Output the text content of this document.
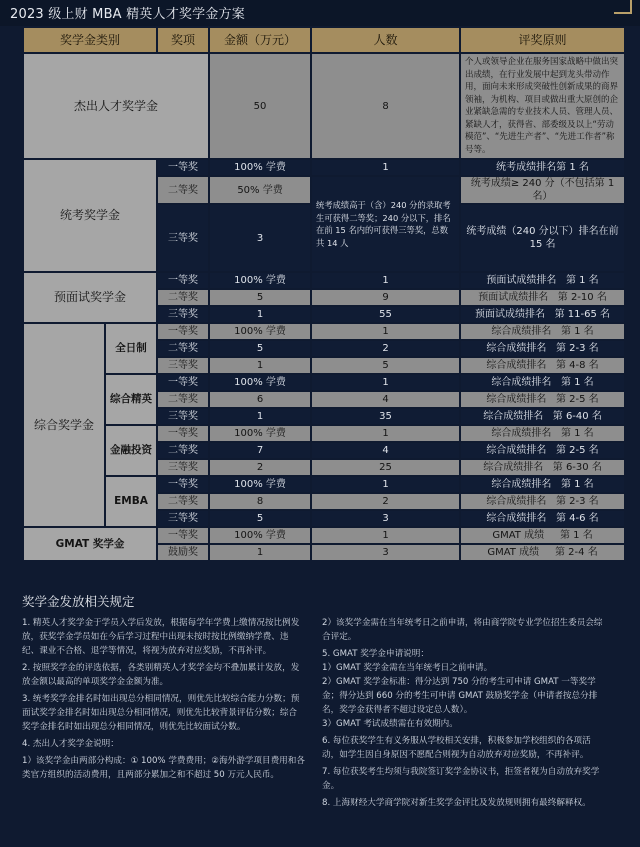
2023 级上财 MBA 精英人才奖学金方案
奖学金类别		奖项	金额（万元）	人数	评奖原则
杰出人才奖学金			50	8	个人或领导企业在服务国家战略中做出突出成绩，在行业发展中起到龙头带动作用，面向未来形成突破性创新成果的商界领袖，为机构、项目或做出重大原创的企业紧缺急需的专业技术人员、管理人员、紧缺人才，获得省、部委级及以上“劳动模范”、“先进生产者”、“先进工作者”称号等。
统考奖学金		一等奖	100% 学费	1	统考成绩排名第 1 名
		二等奖	50% 学费	统考成绩高于（含）240 分的录取考生可获得二等奖；240 分以下，排名在前 15 名内的可获得三等奖，总数共 14 人	统考成绩≥ 240 分（不包括第 1 名）
		三等奖	3		统考成绩（240 分以下）排名在前 15 名
预面试奖学金		一等奖	100% 学费	1	预面试成绩排名 第 1 名
		二等奖	5	9	预面试成绩排名 第 2-10 名
		三等奖	1	55	预面试成绩排名 第 11-65 名
综合奖学金	全日制	一等奖	100% 学费	1	综合成绩排名 第 1 名
		二等奖	5	2	综合成绩排名 第 2-3 名
		三等奖	1	5	综合成绩排名 第 4-8 名
	综合精英	一等奖	100% 学费	1	综合成绩排名 第 1 名
		二等奖	6	4	综合成绩排名 第 2-5 名
		三等奖	1	35	综合成绩排名 第 6-40 名
	金融投资	一等奖	100% 学费	1	综合成绩排名 第 1 名
		二等奖	7	4	综合成绩排名 第 2-5 名
		三等奖	2	25	综合成绩排名 第 6-30 名
	EMBA	一等奖	100% 学费	1	综合成绩排名 第 1 名
		二等奖	8	2	综合成绩排名 第 2-3 名
		三等奖	5	3	综合成绩排名 第 4-6 名
GMAT 奖学金		一等奖	100% 学费	1	GMAT 成绩 第 1 名
		鼓励奖	1	3	GMAT 成绩 第 2-4 名
奖学金发放相关规定

1. 精英人才奖学金于学员入学后发放，根据每学年学费上缴情况按比例发放，获奖学金学员如在今后学习过程中出现未按时按比例缴纳学费、违纪、课业不合格、退学等情况，将视为放弃对应奖励，不再补评。

2. 按照奖学金的评选依据，各类别精英人才奖学金均不叠加累计发放，发放金额以最高的单项奖学金金额为准。

3. 统考奖学金排名时如出现总分相同情况，则优先比较综合能力分数；预面试奖学金排名时如出现总分相同情况，则优先比较背景评估分数；综合奖学金排名时如出现总分相同情况，则优先比较面试分数。

4. 杰出人才奖学金说明：

1）该奖学金由两部分构成：① 100% 学费费用；②海外游学项目费用和各类官方组织的活动费用，且两部分累加之和不超过 50 万元人民币。

2）该奖学金需在当年统考日之前申请，将由商学院专业学位招生委员会综合评定。

5. GMAT 奖学金申请说明：

1）GMAT 奖学金需在当年统考日之前申请。

2）GMAT 奖学金标准：得分达到 750 分的考生可申请 GMAT 一等奖学金；得分达到 660 分的考生可申请 GMAT 鼓励奖学金（申请者按总分排名，奖学金获得者不超过设定总人数）。

3）GMAT 考试成绩需在有效期内。

6. 每位获奖学生有义务服从学校相关安排，积极参加学校组织的各项活动，如学生因自身原因不愿配合则视为自动放弃对应奖励，不再补评。

7. 每位获奖考生均须与我院签订奖学金协议书，拒签者视为自动放弃奖学金。

8. 上海财经大学商学院对新生奖学金评比及发放规则拥有最终解释权。
